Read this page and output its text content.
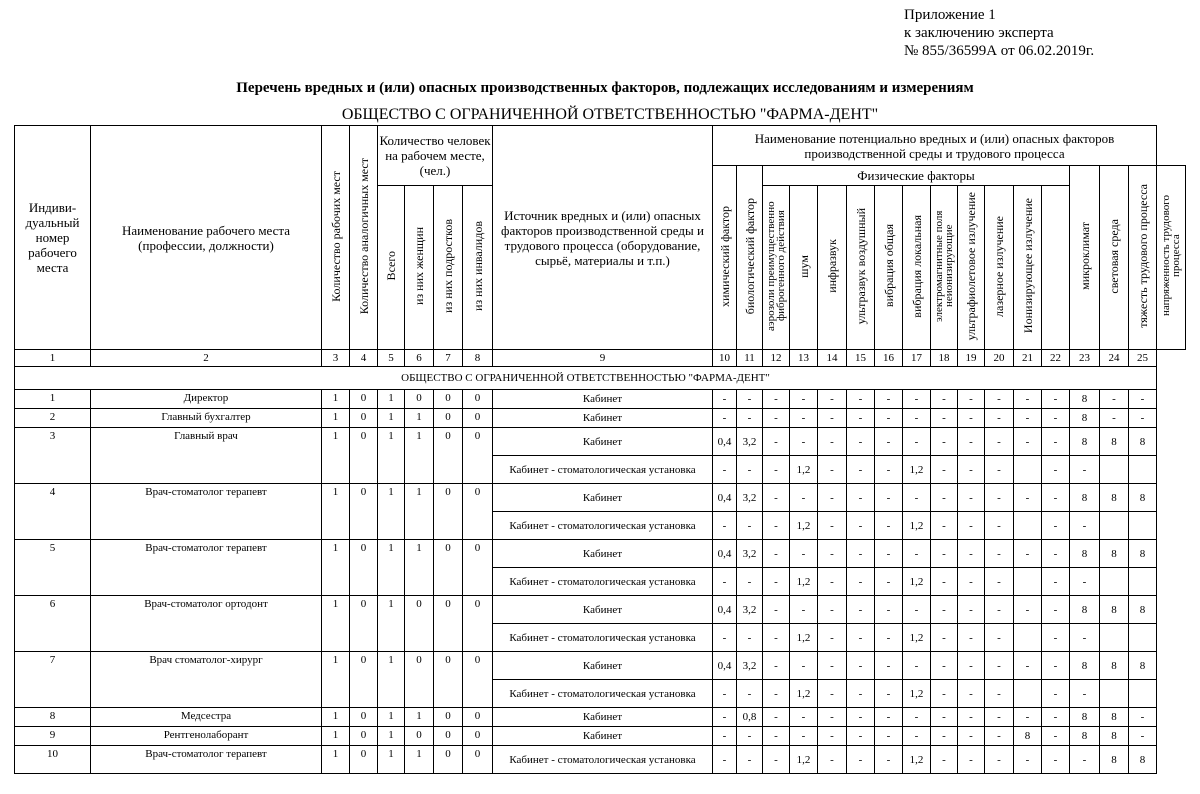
Приложение 1
к заключению эксперта
№ 855/36599А от 06.02.2019г.
Перечень вредных и (или) опасных производственных факторов, подлежащих исследованиям и измерениям
ОБЩЕСТВО С ОГРАНИЧЕННОЙ ОТВЕТСТВЕННОСТЬЮ "ФАРМА-ДЕНТ"
Индиви-дуальный номер рабочего места	Наименование рабочего места (профессии, должности)	Количество рабочих мест	Количество аналогичных мест	Количество человек на рабочем месте, (чел.)				Источник вредных и (или) опасных факторов производственной среды и трудового процесса (оборудование, сырьё, материалы и т.п.)	Наименование потенциально вредных и (или) опасных факторов производственной среды и трудового процесса																
									химический фактор	биологический фактор	Физические факторы											микроклимат	световая среда	тяжесть трудового процесса	напряженность трудового процесса
				Всего	из них женщин	из них подростков	из них инвалидов				аэрозоли преимущественно фиброгенного действия	шум	инфразвук	ультразвук воздушный	вибрация общая	вибрация локальная	электромагнитные поля неионизирующие	ультрафиолетовое излучение	лазерное излучение	Ионизирующее излучение					
1	2	3	4	5	6	7	8	9	10	11	12	13	14	15	16	17	18	19	20	21	22	23	24	25	
ОБЩЕСТВО С ОГРАНИЧЕННОЙ ОТВЕТСТВЕННОСТЬЮ "ФАРМА-ДЕНТ"																									
1	Директор	1	0	1	0	0	0	Кабинет	-	-	-	-	-	-	-	-	-	-	-	-	-	8	-	-	
2	Главный бухгалтер	1	0	1	1	0	0	Кабинет	-	-	-	-	-	-	-	-	-	-	-	-	-	8	-	-	
3	Главный врач	1	0	1	1	0	0	Кабинет	0,4	3,2	-	-	-	-	-	-	-	-	-	-	-	8	8	8	
								Кабинет - стоматологическая установка	-	-	-	1,2	-	-	-	1,2	-	-	-		-	-			
4	Врач-стоматолог терапевт	1	0	1	1	0	0	Кабинет	0,4	3,2	-	-	-	-	-	-	-	-	-	-	-	8	8	8	
								Кабинет - стоматологическая установка	-	-	-	1,2	-	-	-	1,2	-	-	-		-	-			
5	Врач-стоматолог терапевт	1	0	1	1	0	0	Кабинет	0,4	3,2	-	-	-	-	-	-	-	-	-	-	-	8	8	8	
								Кабинет - стоматологическая установка	-	-	-	1,2	-	-	-	1,2	-	-	-		-	-			
6	Врач-стоматолог ортодонт	1	0	1	0	0	0	Кабинет	0,4	3,2	-	-	-	-	-	-	-	-	-	-	-	8	8	8	
								Кабинет - стоматологическая установка	-	-	-	1,2	-	-	-	1,2	-	-	-		-	-			
7	Врач стоматолог-хирург	1	0	1	0	0	0	Кабинет	0,4	3,2	-	-	-	-	-	-	-	-	-	-	-	8	8	8	
								Кабинет - стоматологическая установка	-	-	-	1,2	-	-	-	1,2	-	-	-		-	-			
8	Медсестра	1	0	1	1	0	0	Кабинет	-	0,8	-	-	-	-	-	-	-	-	-	-	-	8	8	-	
9	Рентгенолаборант	1	0	1	0	0	0	Кабинет	-	-	-	-	-	-	-	-	-	-	-	8	-	8	8	-	
10	Врач-стоматолог терапевт	1	0	1	1	0	0	Кабинет - стоматологическая установка	-	-	-	1,2	-	-	-	1,2	-	-	-	-	-	-	8	8	
